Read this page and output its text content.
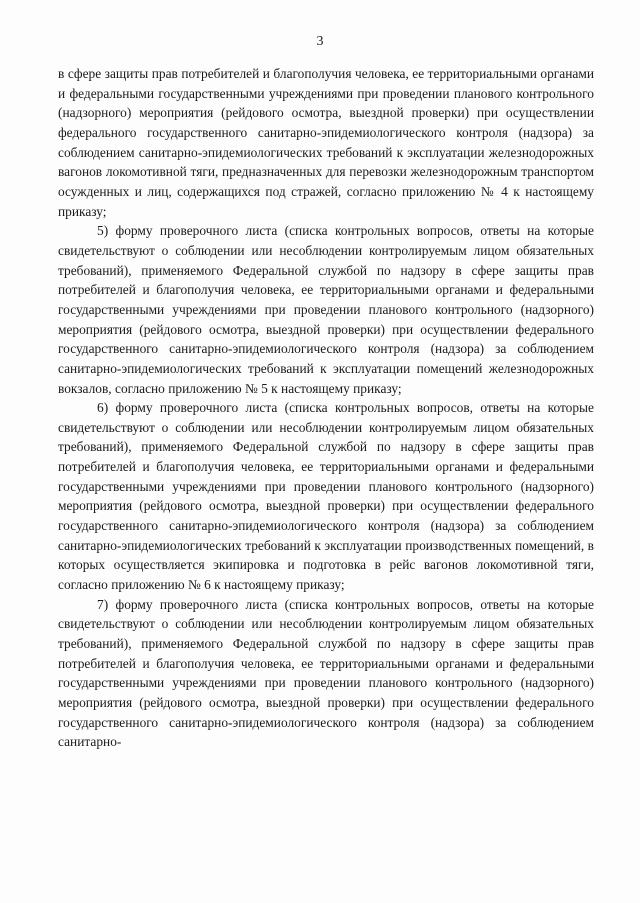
3

в сфере защиты прав потребителей и благополучия человека, ее территориальными органами и федеральными государственными учреждениями при проведении планового контрольного (надзорного) мероприятия (рейдового осмотра, выездной проверки) при осуществлении федерального государственного санитарно-эпидемиологического контроля (надзора) за соблюдением санитарно-эпидемиологических требований к эксплуатации железнодорожных вагонов локомотивной тяги, предназначенных для перевозки железнодорожным транспортом осужденных и лиц, содержащихся под стражей, согласно приложению № 4 к настоящему приказу;

5) форму проверочного листа (списка контрольных вопросов, ответы на которые свидетельствуют о соблюдении или несоблюдении контролируемым лицом обязательных требований), применяемого Федеральной службой по надзору в сфере защиты прав потребителей и благополучия человека, ее территориальными органами и федеральными государственными учреждениями при проведении планового контрольного (надзорного) мероприятия (рейдового осмотра, выездной проверки) при осуществлении федерального государственного санитарно-эпидемиологического контроля (надзора) за соблюдением санитарно-эпидемиологических требований к эксплуатации помещений железнодорожных вокзалов, согласно приложению № 5 к настоящему приказу;

6) форму проверочного листа (списка контрольных вопросов, ответы на которые свидетельствуют о соблюдении или несоблюдении контролируемым лицом обязательных требований), применяемого Федеральной службой по надзору в сфере защиты прав потребителей и благополучия человека, ее территориальными органами и федеральными государственными учреждениями при проведении планового контрольного (надзорного) мероприятия (рейдового осмотра, выездной проверки) при осуществлении федерального государственного санитарно-эпидемиологического контроля (надзора) за соблюдением санитарно-эпидемиологических требований к эксплуатации производственных помещений, в которых осуществляется экипировка и подготовка в рейс вагонов локомотивной тяги, согласно приложению № 6 к настоящему приказу;

7) форму проверочного листа (списка контрольных вопросов, ответы на которые свидетельствуют о соблюдении или несоблюдении контролируемым лицом обязательных требований), применяемого Федеральной службой по надзору в сфере защиты прав потребителей и благополучия человека, ее территориальными органами и федеральными государственными учреждениями при проведении планового контрольного (надзорного) мероприятия (рейдового осмотра, выездной проверки) при осуществлении федерального государственного санитарно-эпидемиологического контроля (надзора) за соблюдением санитарно-
